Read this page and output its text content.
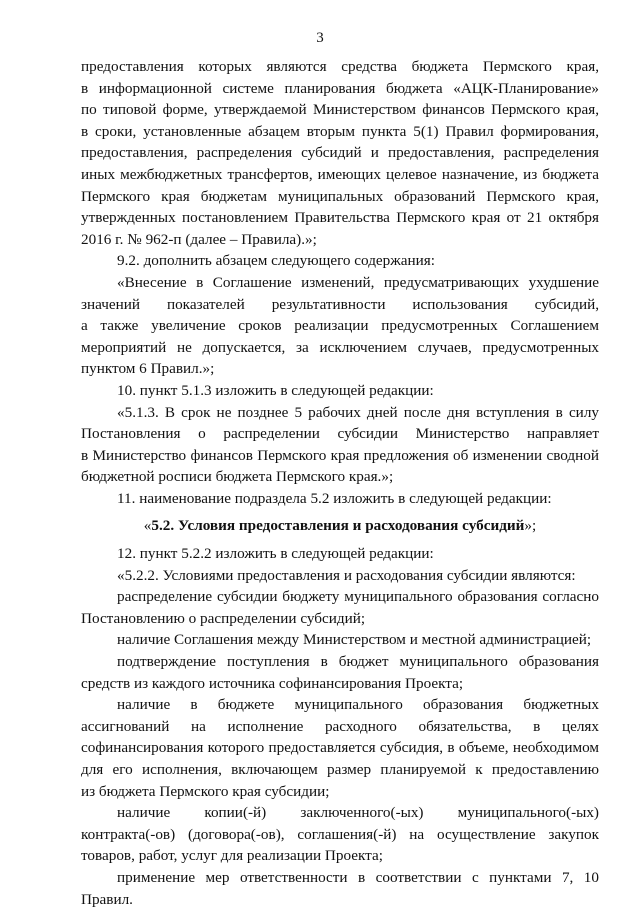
3
предоставления которых являются средства бюджета Пермского края,
в информационной системе планирования бюджета «АЦК-Планирование»
по типовой форме, утверждаемой Министерством финансов Пермского края,
в сроки, установленные абзацем вторым пункта 5(1) Правил формирования,
предоставления, распределения субсидий и предоставления, распределения
иных межбюджетных трансфертов, имеющих целевое назначение, из бюджета
Пермского края бюджетам муниципальных образований Пермского края,
утвержденных постановлением Правительства Пермского края от 21 октября
2016 г. № 962-п (далее – Правила).»;
9.2. дополнить абзацем следующего содержания:
«Внесение в Соглашение изменений, предусматривающих ухудшение
значений показателей результативности использования субсидий,
а также увеличение сроков реализации предусмотренных Соглашением
мероприятий не допускается, за исключением случаев, предусмотренных
пунктом 6 Правил.»;
10. пункт 5.1.3 изложить в следующей редакции:
«5.1.3. В срок не позднее 5 рабочих дней после дня вступления в силу
Постановления о распределении субсидии Министерство направляет
в Министерство финансов Пермского края предложения об изменении сводной
бюджетной росписи бюджета Пермского края.»;
11. наименование подраздела 5.2 изложить в следующей редакции:
«5.2. Условия предоставления и расходования субсидий»;
12. пункт 5.2.2 изложить в следующей редакции:
«5.2.2. Условиями предоставления и расходования субсидии являются:
распределение субсидии бюджету муниципального образования согласно
Постановлению о распределении субсидий;
наличие Соглашения между Министерством и местной администрацией;
подтверждение поступления в бюджет муниципального образования
средств из каждого источника софинансирования Проекта;
наличие в бюджете муниципального образования бюджетных
ассигнований на исполнение расходного обязательства, в целях
софинансирования которого предоставляется субсидия, в объеме, необходимом
для его исполнения, включающем размер планируемой к предоставлению
из бюджета Пермского края субсидии;
наличие копии(-й) заключенного(-ых) муниципального(-ых)
контракта(-ов) (договора(-ов), соглашения(-й) на осуществление закупок
товаров, работ, услуг для реализации Проекта;
применение мер ответственности в соответствии с пунктами 7, 10
Правил.
